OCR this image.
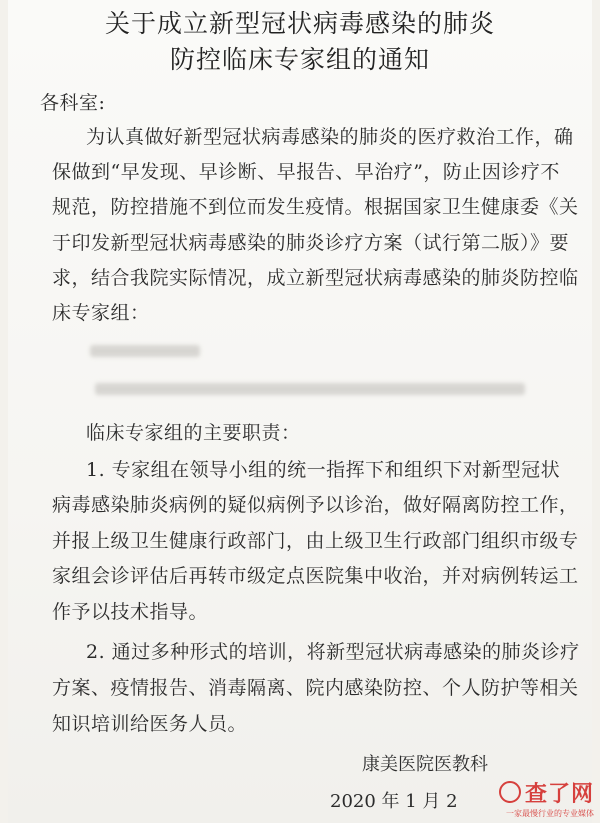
关于成立新型冠状病毒感染的肺炎
防控临床专家组的通知
各科室:
为认真做好新型冠状病毒感染的肺炎的医疗救治工作，确
保做到“早发现、早诊断、早报告、早治疗”，防止因诊疗不
规范，防控措施不到位而发生疫情。根据国家卫生健康委《关
于印发新型冠状病毒感染的肺炎诊疗方案（试行第二版）》要
求，结合我院实际情况，成立新型冠状病毒感染的肺炎防控临
床专家组：
临床专家组的主要职责：
1. 专家组在领导小组的统一指挥下和组织下对新型冠状
病毒感染肺炎病例的疑似病例予以诊治，做好隔离防控工作，
并报上级卫生健康行政部门，由上级卫生行政部门组织市级专
家组会诊评估后再转市级定点医院集中收治，并对病例转运工
作予以技术指导。
2. 通过多种形式的培训，将新型冠状病毒感染的肺炎诊疗
方案、疫情报告、消毒隔离、院内感染防控、个人防护等相关
知识培训给医务人员。
康美医院医教科
2020 年 1 月 2	查了网
一家最慢行业的专业媒体
